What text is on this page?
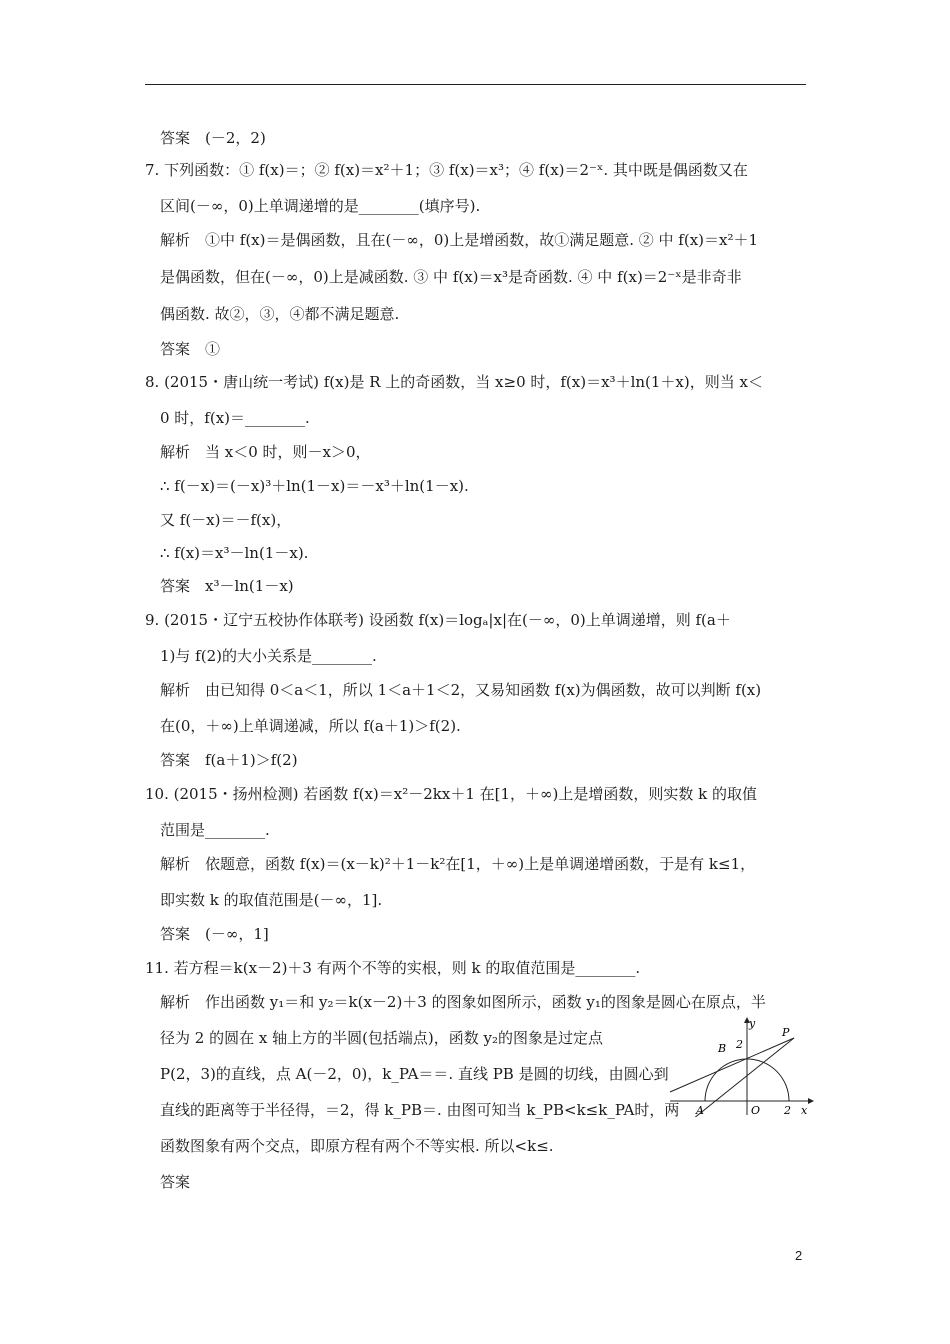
答案　(－2，2)
7. 下列函数：① f(x)＝；② f(x)＝x²＋1；③ f(x)＝x³；④ f(x)＝2⁻ˣ. 其中既是偶函数又在
区间(－∞，0)上单调递增的是________(填序号).
解析　①中 f(x)＝是偶函数，且在(－∞，0)上是增函数，故①满足题意. ② 中 f(x)＝x²＋1
是偶函数，但在(－∞，0)上是减函数. ③ 中 f(x)＝x³是奇函数. ④ 中 f(x)＝2⁻ˣ是非奇非
偶函数. 故②，③，④都不满足题意.
答案　①
8. (2015・唐山统一考试) f(x)是 R 上的奇函数，当 x≥0 时，f(x)＝x³＋ln(1＋x)，则当 x＜
0 时，f(x)＝________.
解析　当 x＜0 时，则－x＞0，
∴ f(－x)＝(－x)³＋ln(1－x)＝－x³＋ln(1－x).
又 f(－x)＝－f(x)，
∴ f(x)＝x³－ln(1－x).
答案　x³－ln(1－x)
9. (2015・辽宁五校协作体联考) 设函数 f(x)＝logₐ|x|在(－∞，0)上单调递增，则 f(a＋
1)与 f(2)的大小关系是________.
解析　由已知得 0＜a＜1，所以 1＜a＋1＜2，又易知函数 f(x)为偶函数，故可以判断 f(x)
在(0，＋∞)上单调递减，所以 f(a＋1)＞f(2).
答案　f(a＋1)＞f(2)
10. (2015・扬州检测) 若函数 f(x)＝x²－2kx＋1 在[1，＋∞)上是增函数，则实数 k 的取值
范围是________.
解析　依题意，函数 f(x)＝(x－k)²＋1－k²在[1，＋∞)上是单调递增函数，于是有 k≤1，
即实数 k 的取值范围是(－∞，1].
答案　(－∞，1]
11. 若方程＝k(x－2)＋3 有两个不等的实根，则 k 的取值范围是________.
解析　作出函数 y₁＝和 y₂＝k(x－2)＋3 的图象如图所示，函数 y₁的图象是圆心在原点，半
径为 2 的圆在 x 轴上方的半圆(包括端点)，函数 y₂的图象是过定点
P(2，3)的直线，点 A(－2，0)，k_PA＝＝. 直线 PB 是圆的切线，由圆心到
直线的距离等于半径得，＝2，得 k_PB＝. 由图可知当 k_PB<k≤k_PA时，两
函数图象有两个交点，即原方程有两个不等实根. 所以<k≤.
答案
y
P
B 2
A	O 2 x
2
